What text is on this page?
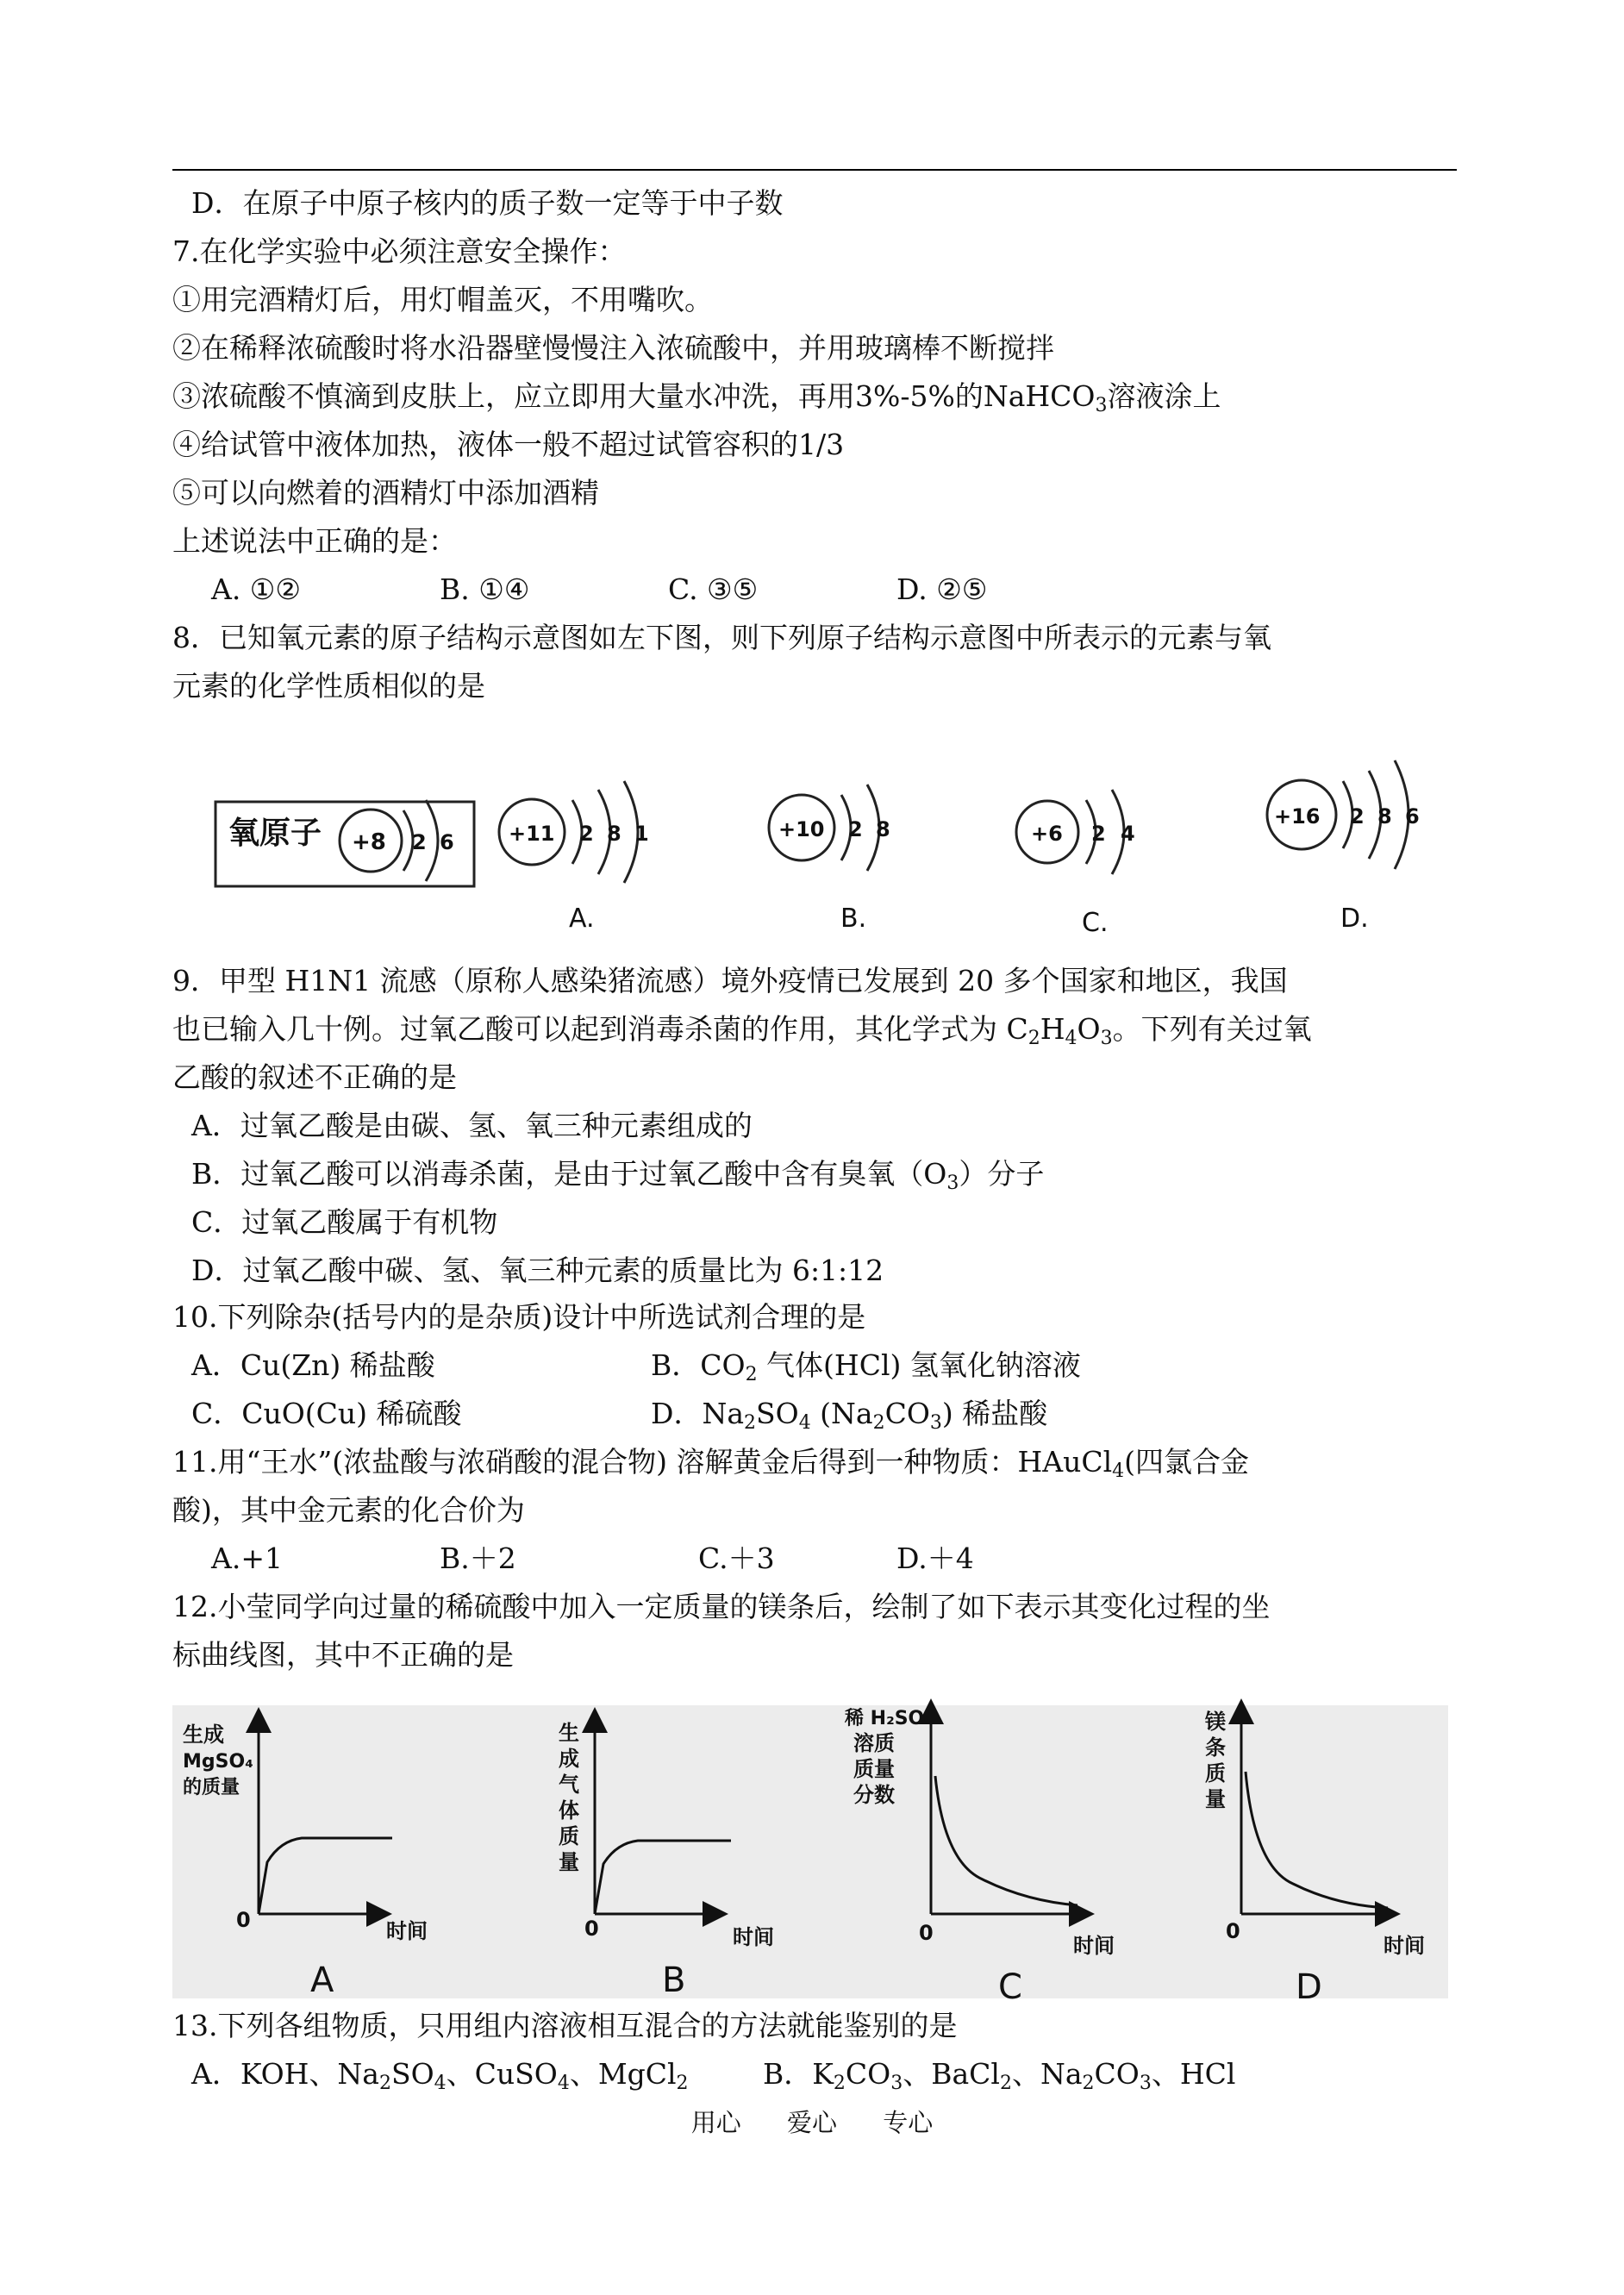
D．在原子中原子核内的质子数一定等于中子数
7.在化学实验中必须注意安全操作：
①用完酒精灯后，用灯帽盖灭，不用嘴吹。
②在稀释浓硫酸时将水沿器壁慢慢注入浓硫酸中，并用玻璃棒不断搅拌
③浓硫酸不慎滴到皮肤上，应立即用大量水冲洗，再用3%-5%的NaHCO$_3$溶液涂上
④给试管中液体加热，液体一般不超过试管容积的1/3
⑤可以向燃着的酒精灯中添加酒精
上述说法中正确的是：
A. ①②	B. ①④	C. ③⑤	D. ②⑤
8．已知氧元素的原子结构示意图如左下图，则下列原子结构示意图中所表示的元素与氧
元素的化学性质相似的是
氧原子 +8 2 6	+11 2 8 1
A.
+10 2 8
B.
+6 2 4
C.
+16 2 8 6
D.
9．甲型 H1N1 流感（原称人感染猪流感）境外疫情已发展到 20 多个国家和地区，我国
也已输入几十例。过氧乙酸可以起到消毒杀菌的作用，其化学式为 $C_2H_4O_3$。下列有关过氧
乙酸的叙述不正确的是
A．过氧乙酸是由碳、氢、氧三种元素组成的
B．过氧乙酸可以消毒杀菌，是由于过氧乙酸中含有臭氧$(O_3)$分子
C．过氧乙酸属于有机物
D．过氧乙酸中碳、氢、氧三种元素的质量比为 6:1:12
10.下列除杂(括号内的是杂质)设计中所选试剂合理的是
A．Cu(Zn) 稀盐酸	B．$CO_2$ 气体(HCl) 氢氧化钠溶液
C．CuO(Cu) 稀硫酸	D．$Na_2SO_4$ $(Na_2CO_3)$ 稀盐酸
11.用“王水”(浓盐酸与浓硝酸的混合物) 溶解黄金后得到一种物质：HAuCl$_4$(四氯合金
酸)，其中金元素的化合价为
A.+1	B.＋2	C.＋3	D.＋4
12.小莹同学向过量的稀硫酸中加入一定质量的镁条后，绘制了如下表示其变化过程的坐
标曲线图，其中不正确的是
生成
MgSO₄
的质量
0	时间
A
生
成
气
体
质
量
0	时间
B
稀 H₂SO₄
溶质
质量
分数
0
时间
C
镁
条
质
量
0
时间
D
13.下列各组物质，只用组内溶液相互混合的方法就能鉴别的是
A．KOH、$Na_2SO_4$、CuSO$_4$、MgCl$_2$	B．$K_2CO_3$、BaCl$_2$、$Na_2CO_3$、HCl
用心 爱心 专心
